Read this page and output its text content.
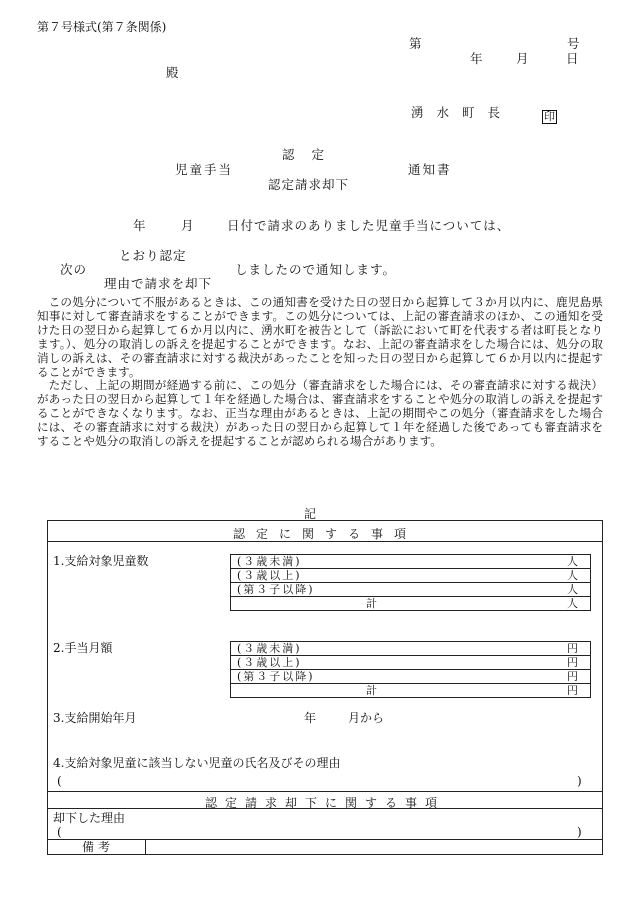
第７号様式(第７条関係)
第	号
年	月	日
殿
湧水町長	印
認定
児童手当	通知書
認定請求却下
年	月	日付で請求のありました児童手当については、
とおり認定
次の	しましたので通知します。
理由で請求を却下

この処分について不服があるときは、この通知書を受けた日の翌日から起算して３か月以内に、鹿児島県知事に対して審査請求をすることができます。この処分については、上記の審査請求のほか、この通知を受けた日の翌日から起算して６か月以内に、湧水町を被告として（訴訟において町を代表する者は町長となります。）、処分の取消しの訴えを提起することができます。なお、上記の審査請求をした場合には、処分の取消しの訴えは、その審査請求に対する裁決があったことを知った日の翌日から起算して６か月以内に提起することができます。

ただし、上記の期間が経過する前に、この処分（審査請求をした場合には、その審査請求に対する裁決）があった日の翌日から起算して１年を経過した場合は、審査請求をすることや処分の取消しの訴えを提起することができなくなります。なお、正当な理由があるときは、上記の期間やこの処分（審査請求をした場合には、その審査請求に対する裁決）があった日の翌日から起算して１年を経過した後であっても審査請求をすることや処分の取消しの訴えを提起することが認められる場合があります。

記
認定に関する事項
1.支給対象児童数	(３歳未満)	人
(３歳以上)	人
(第３子以降)	人
計	人
2.手当月額	(３歳未満)	円
(３歳以上)	円
(第３子以降)	円
計	円
3.支給開始年月	年	月から
4.支給対象児童に該当しない児童の氏名及びその理由
(	)
認定請求却下に関する事項
却下した理由
(	)
備考
